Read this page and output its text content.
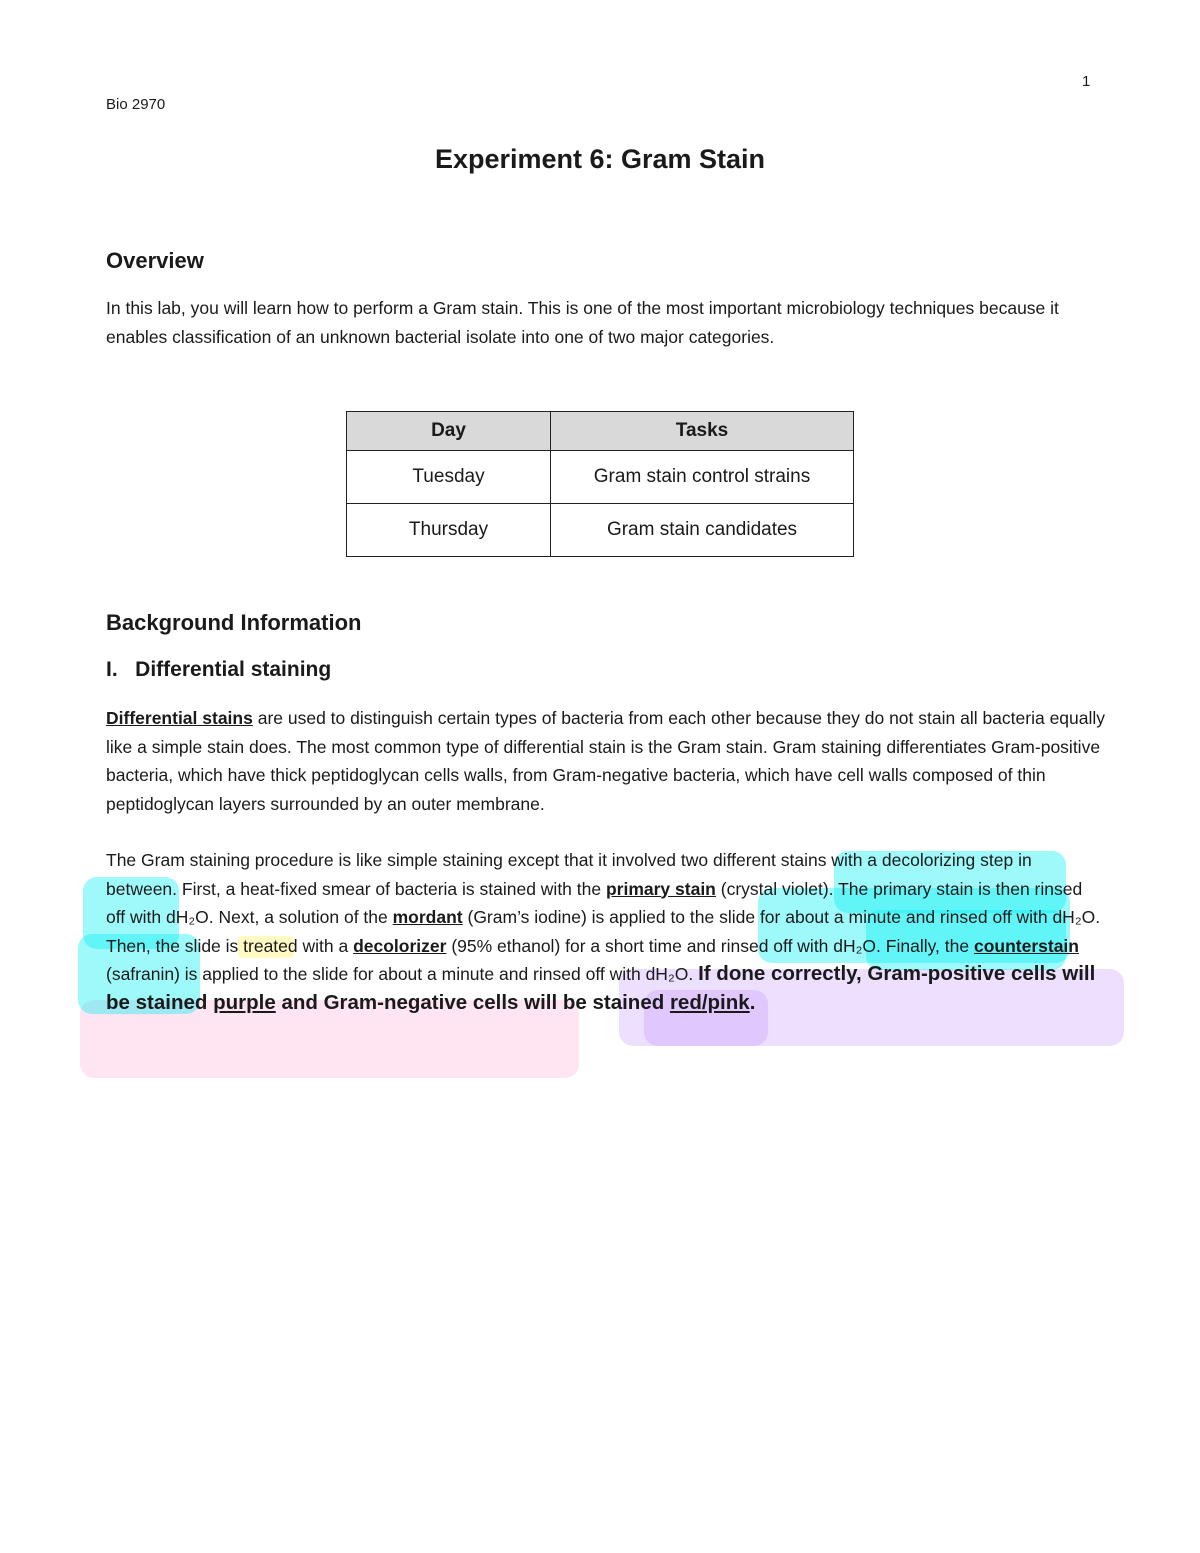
1
Bio 2970
Experiment 6: Gram Stain
Overview

In this lab, you will learn how to perform a Gram stain. This is one of the most important microbiology techniques because it enables classification of an unknown bacterial isolate into one of two major categories.

Day	Tasks
Tuesday	Gram stain control strains
Thursday	Gram stain candidates
Background Information
I.   Differential staining

Differential stains are used to distinguish certain types of bacteria from each other because they do not stain all bacteria equally like a simple stain does. The most common type of differential stain is the Gram stain. Gram staining differentiates Gram-positive bacteria, which have thick peptidoglycan cells walls, from Gram-negative bacteria, which have cell walls composed of thin peptidoglycan layers surrounded by an outer membrane.

The Gram staining procedure is like simple staining except that it involved two different stains with a decolorizing step in between. First, a heat-fixed smear of bacteria is stained with the primary stain (crystal violet). The primary stain is then rinsed off with dH₂O. Next, a solution of the mordant (Gram’s iodine) is applied to the slide for about a minute and rinsed off with dH₂O. Then, the slide is treated with a decolorizer (95% ethanol) for a short time and rinsed off with dH₂O. Finally, the counterstain (safranin) is applied to the slide for about a minute and rinsed off with dH₂O. If done correctly, Gram-positive cells will be stained purple and Gram-negative cells will be stained red/pink.
